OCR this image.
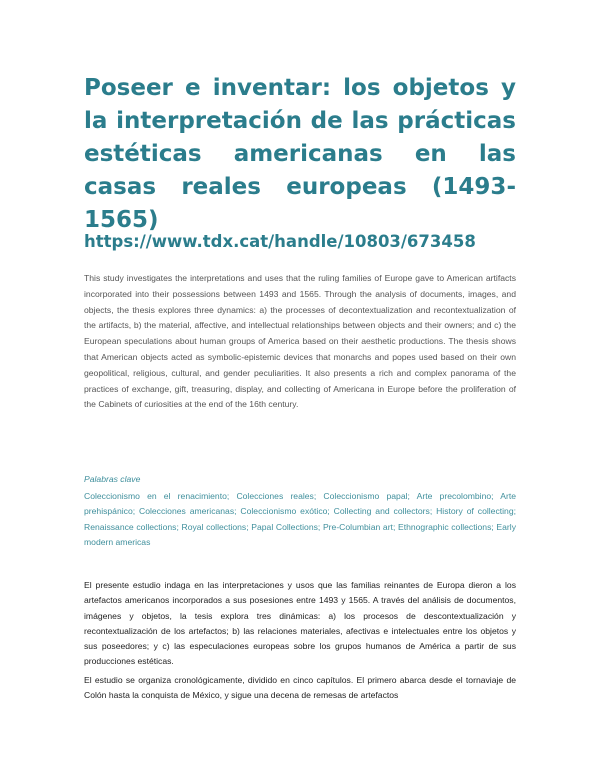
Poseer e inventar: los objetos y la interpretación de las prácticas estéticas americanas en las casas reales europeas (1493-1565)
https://www.tdx.cat/handle/10803/673458

This study investigates the interpretations and uses that the ruling families of Europe gave to American artifacts incorporated into their possessions between 1493 and 1565. Through the analysis of documents, images, and objects, the thesis explores three dynamics: a) the processes of decontextualization and recontextualization of the artifacts, b) the material, affective, and intellectual relationships between objects and their owners; and c) the European speculations about human groups of America based on their aesthetic productions. The thesis shows that American objects acted as symbolic-epistemic devices that monarchs and popes used based on their own geopolitical, religious, cultural, and gender peculiarities. It also presents a rich and complex panorama of the practices of exchange, gift, treasuring, display, and collecting of Americana in Europe before the proliferation of the Cabinets of curiosities at the end of the 16th century.

Palabras clave

Coleccionismo en el renacimiento; Colecciones reales; Coleccionismo papal; Arte precolombino; Arte prehispánico; Colecciones americanas; Coleccionismo exótico; Collecting and collectors; History of collecting; Renaissance collections; Royal collections; Papal Collections; Pre-Columbian art; Ethnographic collections; Early modern americas

El presente estudio indaga en las interpretaciones y usos que las familias reinantes de Europa dieron a los artefactos americanos incorporados a sus posesiones entre 1493 y 1565. A través del análisis de documentos, imágenes y objetos, la tesis explora tres dinámicas: a) los procesos de descontextualización y recontextualización de los artefactos; b) las relaciones materiales, afectivas e intelectuales entre los objetos y sus poseedores; y c) las especulaciones europeas sobre los grupos humanos de América a partir de sus producciones estéticas.

El estudio se organiza cronológicamente, dividido en cinco capítulos. El primero abarca desde el tornaviaje de Colón hasta la conquista de México, y sigue una decena de remesas de artefactos
